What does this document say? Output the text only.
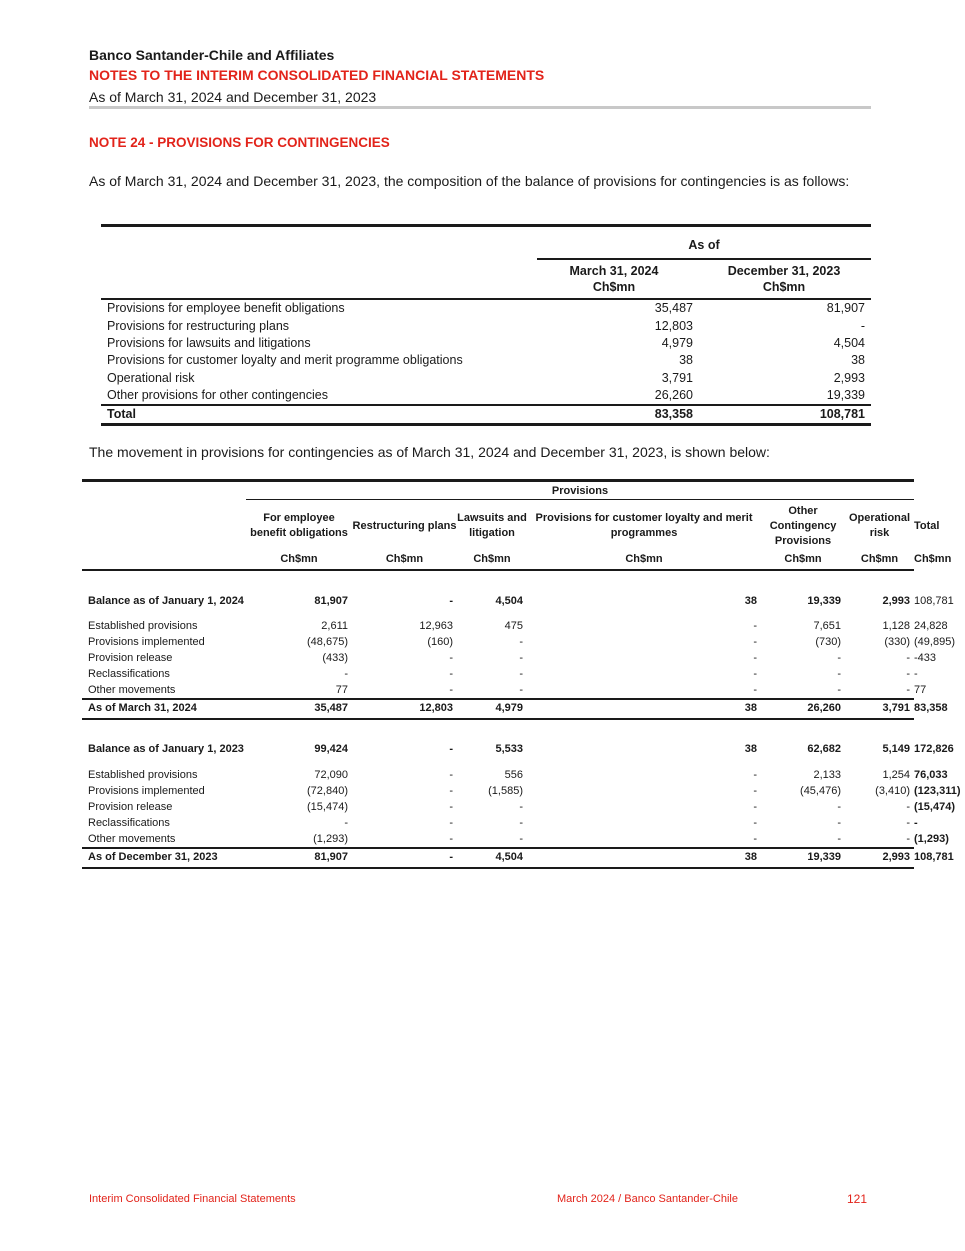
Banco Santander-Chile and Affiliates
NOTES TO THE INTERIM CONSOLIDATED FINANCIAL STATEMENTS
As of March 31, 2024 and December 31, 2023
NOTE 24 - PROVISIONS FOR CONTINGENCIES
As of March 31, 2024 and December 31, 2023, the composition of the balance of provisions for contingencies is as follows:
As of
March 31, 2024
Ch$mn
December 31, 2023
Ch$mn
Provisions for employee benefit obligations	35,487	81,907
Provisions for restructuring plans	12,803	-
Provisions for lawsuits and litigations	4,979	4,504
Provisions for customer loyalty and merit programme obligations	38	38
Operational risk	3,791	2,993
Other provisions for other contingencies	26,260	19,339
Total	83,358	108,781
The movement in provisions for contingencies as of March 31, 2024 and December 31, 2023, is shown below:
Provisions
	For employee benefit obligations	Restructuring plans	Lawsuits and litigation	Provisions for customer loyalty and merit programmes	Other Contingency Provisions	Operational risk	Total
	Ch$mn	Ch$mn	Ch$mn	Ch$mn	Ch$mn	Ch$mn	Ch$mn

Balance as of January 1, 2024	81,907	-	4,504	38	19,339	2,993	108,781
Established provisions	2,611	12,963	475	-	7,651	1,128	24,828
Provisions implemented	(48,675)	(160)	-	-	(730)	(330)	(49,895)
Provision release	(433)	-	-	-	-	-	-433
Reclassifications	-	-	-	-	-	-	-
Other movements	77	-	-	-	-	-	77
As of March 31, 2024	35,487	12,803	4,979	38	26,260	3,791	83,358

Balance as of January 1, 2023	99,424	-	5,533	38	62,682	5,149	172,826
Established provisions	72,090	-	556	-	2,133	1,254	76,033
Provisions implemented	(72,840)	-	(1,585)	-	(45,476)	(3,410)	(123,311)
Provision release	(15,474)	-	-	-	-	-	(15,474)
Reclassifications	-	-	-	-	-	-	-
Other movements	(1,293)	-	-	-	-	-	(1,293)
As of December 31, 2023	81,907	-	4,504	38	19,339	2,993	108,781
Interim Consolidated Financial Statements	March 2024 / Banco Santander-Chile	121
